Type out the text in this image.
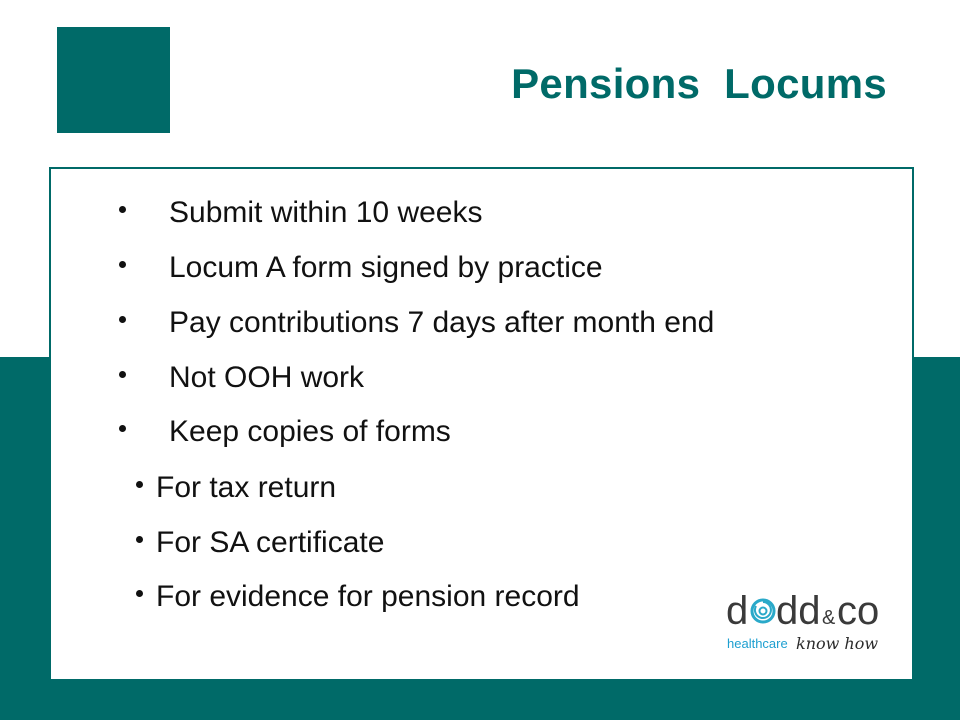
Pensions  Locums
Submit within 10 weeks
Locum A form signed by practice
Pay contributions 7 days after month end
Not OOH work
Keep copies of forms
For tax return
For SA certificate
For evidence for pension record	d dd & co
healthcare know how
